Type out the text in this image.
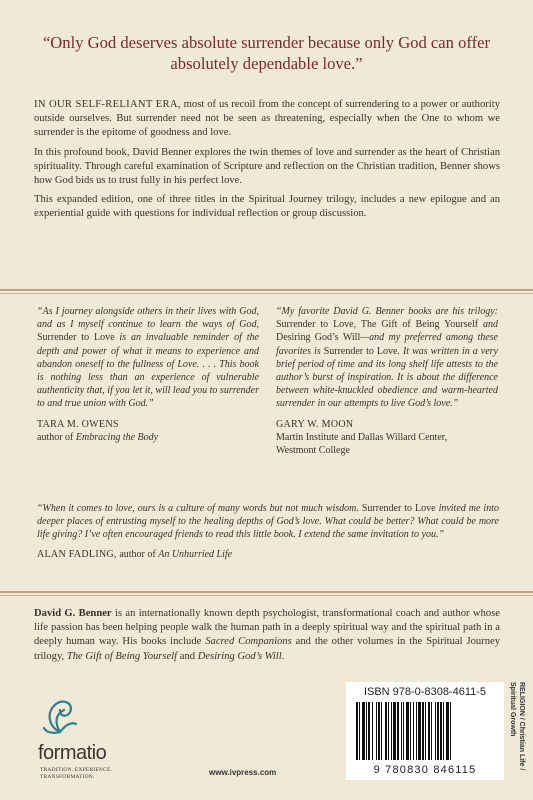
“Only God deserves absolute surrender because only God can offer absolutely dependable love.”

IN OUR SELF-RELIANT ERA, most of us recoil from the concept of surrendering to a power or authority outside ourselves. But surrender need not be seen as threatening, especially when the One to whom we surrender is the epitome of goodness and love.

In this profound book, David Benner explores the twin themes of love and surrender as the heart of Christian spirituality. Through careful examination of Scripture and reflection on the Christian tradition, Benner shows how God bids us to trust fully in his perfect love.

This expanded edition, one of three titles in the Spiritual Journey trilogy, includes a new epilogue and an experiential guide with questions for individual reflection or group discussion.

“As I journey alongside others in their lives with God, and as I myself continue to learn the ways of God, Surrender to Love is an invaluable reminder of the depth and power of what it means to experience and abandon oneself to the fullness of Love. . . . This book is nothing less than an experience of vulnerable authenticity that, if you let it, will lead you to surrender to and true union with God.”
TARA M. OWENS
author of Embracing the Body
“My favorite David G. Benner books are his trilogy: Surrender to Love, The Gift of Being Yourself and Desiring God’s Will—and my preferred among these favorites is Surrender to Love. It was written in a very brief period of time and its long shelf life attests to the author’s burst of inspiration. It is about the difference between white-knuckled obedience and warm-hearted surrender in our attempts to live God’s love.”
GARY W. MOON
Martin Institute and Dallas Willard Center,
Westmont College
“When it comes to love, ours is a culture of many words but not much wisdom. Surrender to Love invited me into deeper places of entrusting myself to the healing depths of God’s love. What could be better? What could be more life giving? I’ve often encouraged friends to read this little book. I extend the same invitation to you.”
ALAN FADLING, author of An Unhurried Life
David G. Benner is an internationally known depth psychologist, transformational coach and author whose life passion has been helping people walk the human path in a deeply spiritual way and the spiritual path in a deeply human way. His books include Sacred Companions and the other volumes in the Spiritual Journey trilogy, The Gift of Being Yourself and Desiring God’s Will.
formatio
TRADITION. EXPERIENCE.
TRANSFORMATION.	www.ivpress.com
ISBN 978-0-8308-4611-5
9 780830 846115	RELIGION / Christian Life /
Spiritual Growth
